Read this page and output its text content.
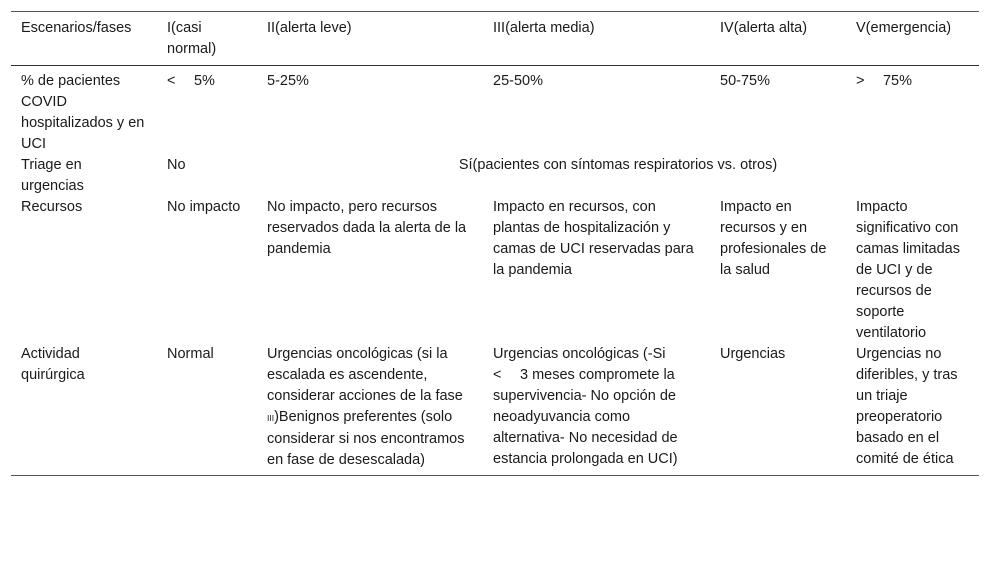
Escenarios/fases	I(casi normal)	II(alerta leve)	III(alerta media)	IV(alerta alta)	V(emergencia)
% de pacientes COVID hospitalizados y en UCI	<  5%	5-25%	25-50%	50-75%	>  75%
Triage en urgencias	No	Sí(pacientes con síntomas respiratorios vs. otros)			
Recursos	No impacto	No impacto, pero recursos reservados dada la alerta de la pandemia	Impacto en recursos, con plantas de hospitalización y camas de UCI reservadas para la pandemia	Impacto en recursos y en profesionales de la salud	Impacto significativo con camas limitadas de UCI y de recursos de soporte ventilatorio
Actividad quirúrgica	Normal	Urgencias oncológicas (si la escalada es ascendente, considerar acciones de la fase III)Benignos preferentes (solo considerar si nos encontramos en fase de desescalada)	Urgencias oncológicas (-Si <  3 meses compromete la supervivencia- No opción de neoadyuvancia como alternativa- No necesidad de estancia prolongada en UCI)	Urgencias	Urgencias no diferibles, y tras un triaje preoperatorio basado en el comité de ética
